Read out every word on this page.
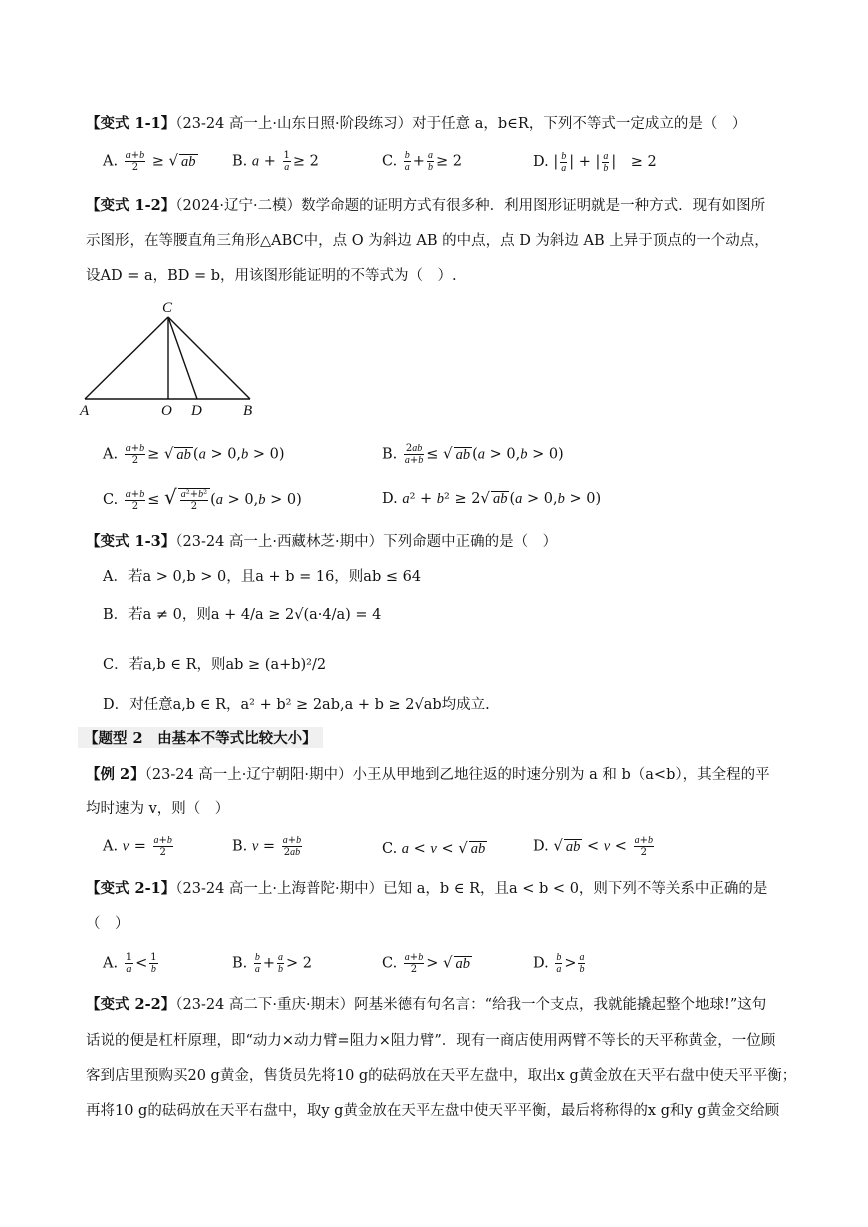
【变式 1-1】（23-24 高一上·山东日照·阶段练习）对于任意 a，b∈R，下列不等式一定成立的是（　）
A. $\frac{a+b}{2}$ ≥ √ ab	B. $a + \frac{1}{a} \ge 2$	C. $\frac{b}{a} + \frac{a}{b} \ge 2$	D. | $\frac{b}{a}$ | + | $\frac{a}{b}$ |　≥ 2
【变式 1-2】（2024·辽宁·二模）数学命题的证明方式有很多种．利用图形证明就是一种方式．现有如图所
示图形，在等腰直角三角形△ABC中，点 O 为斜边 AB 的中点，点 D 为斜边 AB 上异于顶点的一个动点，
设AD = a，BD = b，用该图形能证明的不等式为（　）.
C
A	O D	B
A. $\frac{a+b}{2}$ ≥ √ ab (a > 0,b > 0)	B. $\frac{2ab}{a+b}$ ≤ √ ab (a > 0,b > 0)
C. $\frac{a+b}{2}$ ≤ √ $\frac{\text{a²+b²}}{2} (a > 0,b > 0)$	D. a² + b² ≥ 2√ ab (a > 0,b > 0)
【变式 1-3】（23-24 高一上·西藏林芝·期中）下列命题中正确的是（　）
A．若a > 0,b > 0，且a + b = 16，则ab ≤ 64
B．若a ≠ 0，则a + 4/a ≥ 2√(a·4/a) = 4
C．若a,b ∈ R，则ab ≥ (a+b)²/2
D．对任意a,b ∈ R，a² + b² ≥ 2ab,a + b ≥ 2√ab均成立.
【题型 2　由基本不等式比较大小】
【例 2】（23-24 高一上·辽宁朝阳·期中）小王从甲地到乙地往返的时速分别为 a 和 b（a<b），其全程的平
均时速为 v，则（　）
A. $v = \frac{a+b}{2}$	B. $v = \frac{a+b}{2ab}$	C. a < v < √ ab	D. √ ab < $v < \frac{a+b}{2}$
【变式 2-1】（23-24 高一上·上海普陀·期中）已知 a，b ∈ R，且a < b < 0，则下列不等关系中正确的是
（　）
A. $\frac{1}{a} < \frac{1}{b}$	B. $\frac{b}{a} + \frac{a}{b} > 2$	C. $\frac{a+b}{2}$ > √ ab	D. $\frac{b}{a} > \frac{a}{b}$
【变式 2-2】（23-24 高二下·重庆·期末）阿基米德有句名言：“给我一个支点，我就能撬起整个地球!”这句
话说的便是杠杆原理，即“动力×动力臂=阻力×阻力臂”．现有一商店使用两臂不等长的天平称黄金，一位顾
客到店里预购买20 g黄金，售货员先将10 g的砝码放在天平左盘中，取出x g黄金放在天平右盘中使天平平衡；
再将10 g的砝码放在天平右盘中，取y g黄金放在天平左盘中使天平平衡，最后将称得的x g和y g黄金交给顾
